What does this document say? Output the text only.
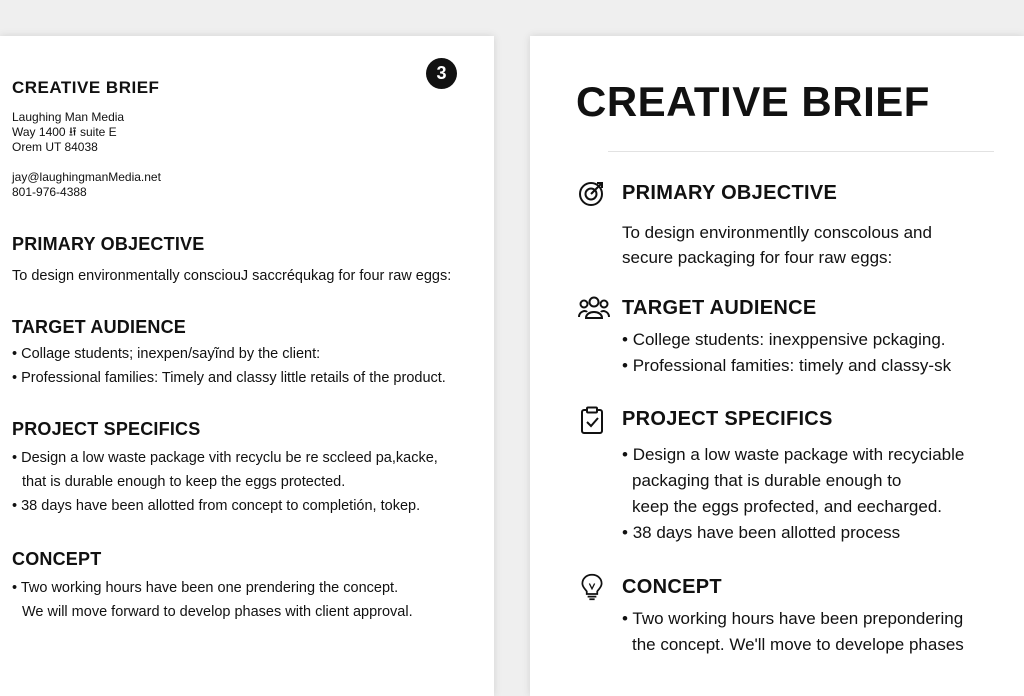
CREATIVE BRIEF
3
Laughing Man Media
Way 1400 ⭿ suite E
Orem UT 84038
jay@laughingmanMedia.net
801-976-4388
PRIMARY OBJECTIVE
To design environmentally consciouJ saccréqukag for four raw eggs:
TARGET AUDIENCE
• Collage students; inexpen/sayĩnd by the client:
• Professional families: Timely and classy little retails of the product.
PROJECT SPECIFICS
• Design a low waste package vith recyclu be re sccleed pa,kacke,
that is durable enough to keep the eggs protected.
• 38 days have been allotted from concept to completión, tokep.
CONCEPT
• Two working hours have been one prendering the concept.
We will move forward to develop phases with client approval.
CREATIVE BRIEF
PRIMARY OBJECTIVE
To design environmentlly conscolous and
secure packaging for four raw eggs:
TARGET AUDIENCE
• College students: inexppensive pckaging.
• Professional famities: timely and classy-sk
PROJECT SPECIFICS
• Design a low waste package with recyciable
packaging that is durable enough to
keep the eggs profected, and eecharged.
• 38 days have been allotted process
CONCEPT
• Two working hours have been prepondering
the concept. We'll move to develope phases
